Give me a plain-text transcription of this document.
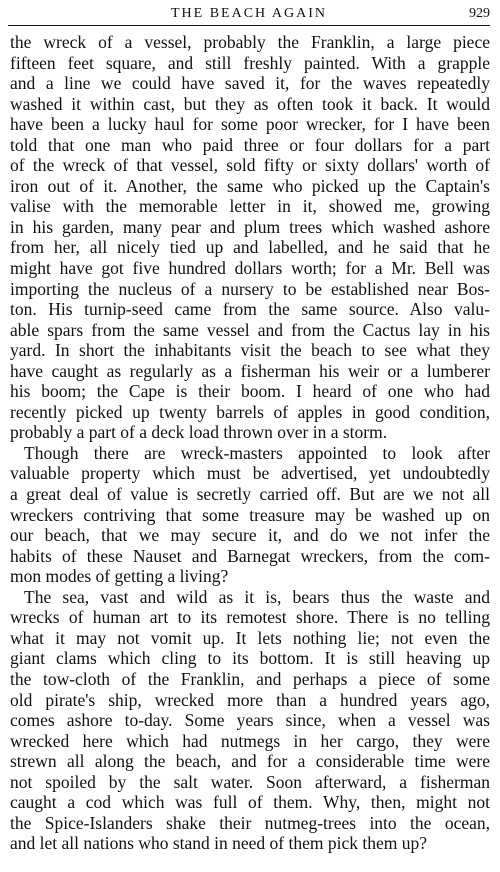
THE BEACH AGAIN	929
the wreck of a vessel, probably the Franklin, a large piece
fifteen feet square, and still freshly painted. With a grapple
and a line we could have saved it, for the waves repeatedly
washed it within cast, but they as often took it back. It would
have been a lucky haul for some poor wrecker, for I have been
told that one man who paid three or four dollars for a part
of the wreck of that vessel, sold fifty or sixty dollars' worth of
iron out of it. Another, the same who picked up the Captain's
valise with the memorable letter in it, showed me, growing
in his garden, many pear and plum trees which washed ashore
from her, all nicely tied up and labelled, and he said that he
might have got five hundred dollars worth; for a Mr. Bell was
importing the nucleus of a nursery to be established near Bos-
ton. His turnip-seed came from the same source. Also valu-
able spars from the same vessel and from the Cactus lay in his
yard. In short the inhabitants visit the beach to see what they
have caught as regularly as a fisherman his weir or a lumberer
his boom; the Cape is their boom. I heard of one who had
recently picked up twenty barrels of apples in good condition,
probably a part of a deck load thrown over in a storm.
Though there are wreck-masters appointed to look after
valuable property which must be advertised, yet undoubtedly
a great deal of value is secretly carried off. But are we not all
wreckers contriving that some treasure may be washed up on
our beach, that we may secure it, and do we not infer the
habits of these Nauset and Barnegat wreckers, from the com-
mon modes of getting a living?
The sea, vast and wild as it is, bears thus the waste and
wrecks of human art to its remotest shore. There is no telling
what it may not vomit up. It lets nothing lie; not even the
giant clams which cling to its bottom. It is still heaving up
the tow-cloth of the Franklin, and perhaps a piece of some
old pirate's ship, wrecked more than a hundred years ago,
comes ashore to-day. Some years since, when a vessel was
wrecked here which had nutmegs in her cargo, they were
strewn all along the beach, and for a considerable time were
not spoiled by the salt water. Soon afterward, a fisherman
caught a cod which was full of them. Why, then, might not
the Spice-Islanders shake their nutmeg-trees into the ocean,
and let all nations who stand in need of them pick them up?
